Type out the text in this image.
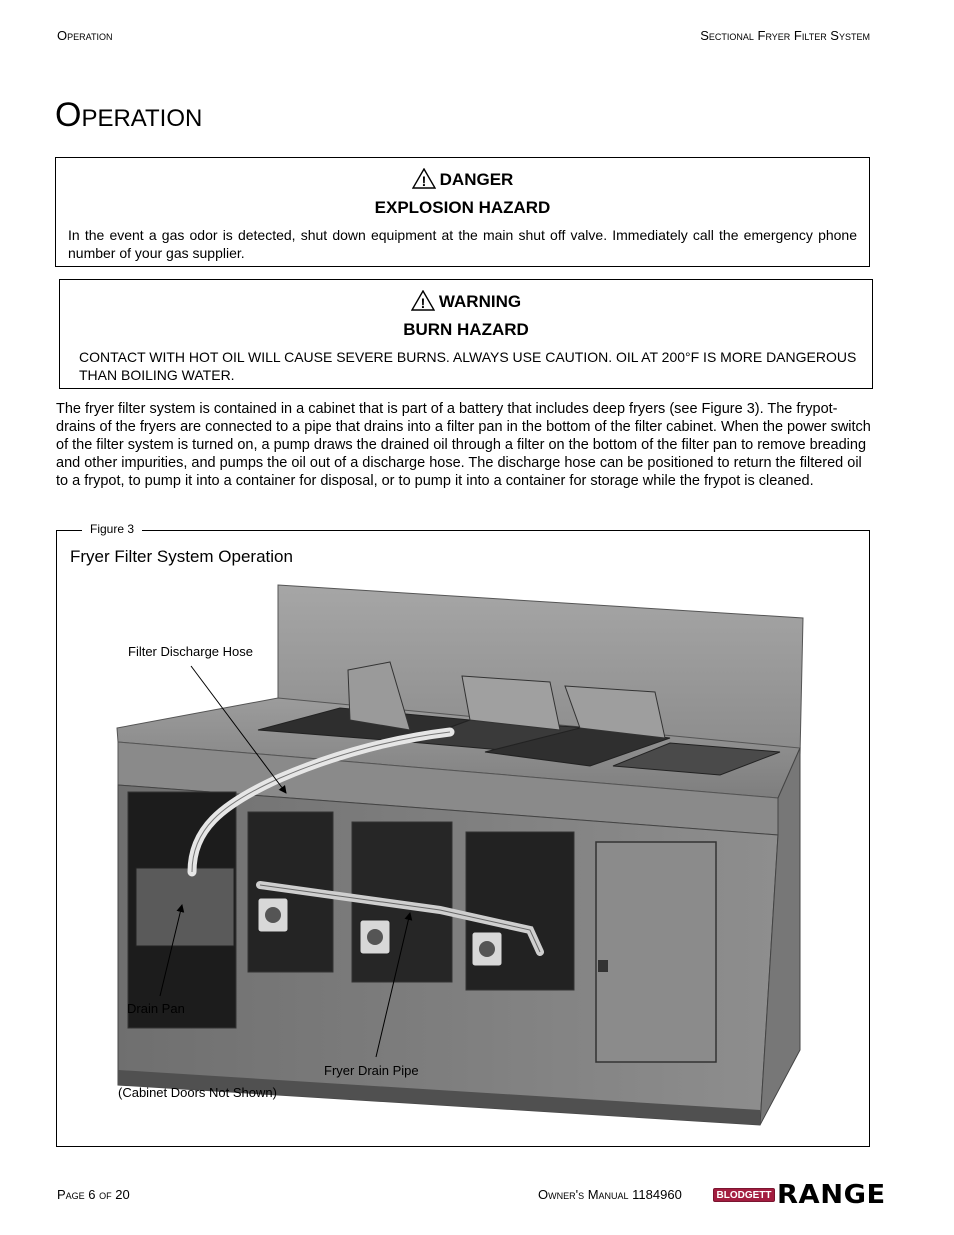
Operation	Sectional Fryer Filter System
Operation
! DANGER
EXPLOSION HAZARD
In the event a gas odor is detected, shut down equipment at the main shut off valve. Immediately call the emergency phone number of your gas supplier.
! WARNING
BURN HAZARD
CONTACT WITH HOT OIL WILL CAUSE SEVERE BURNS. ALWAYS USE CAUTION. OIL AT 200°F IS MORE DANGEROUS THAN BOILING WATER.

The fryer filter system is contained in a cabinet that is part of a battery that includes deep fryers (see Figure 3). The frypot-drains of the fryers are connected to a pipe that drains into a filter pan in the bottom of the filter cabinet. When the power switch of the filter system is turned on, a pump draws the drained oil through a filter on the bottom of the filter pan to remove breading and other impurities, and pumps the oil out of a discharge hose. The discharge hose can be positioned to return the filtered oil to a frypot, to pump it into a container for disposal, or to pump it into a container for storage while the frypot is cleaned.

Figure 3
Fryer Filter System Operation
Filter Discharge Hose
Drain Pan
Fryer Drain Pipe
(Cabinet Doors Not Shown)
Page 6 of 20	Owner's Manual 1184960	BLODGETT RANGE
